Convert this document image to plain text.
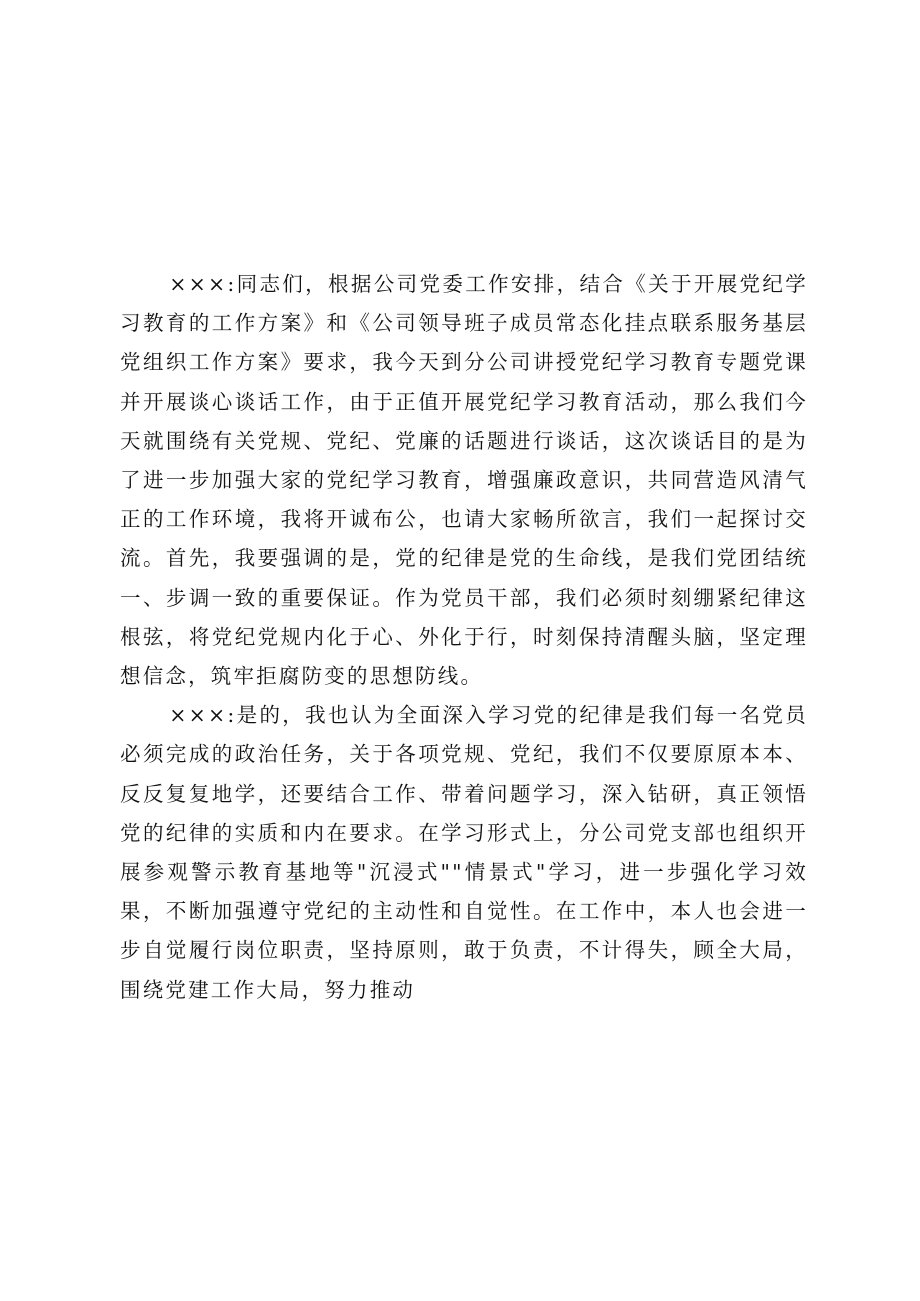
×××:同志们，根据公司党委工作安排，结合《关于开展党纪学习教育的工作方案》和《公司领导班子成员常态化挂点联系服务基层党组织工作方案》要求，我今天到分公司讲授党纪学习教育专题党课并开展谈心谈话工作，由于正值开展党纪学习教育活动，那么我们今天就围绕有关党规、党纪、党廉的话题进行谈话，这次谈话目的是为了进一步加强大家的党纪学习教育，增强廉政意识，共同营造风清气正的工作环境，我将开诚布公，也请大家畅所欲言，我们一起探讨交流。首先，我要强调的是，党的纪律是党的生命线，是我们党团结统一、步调一致的重要保证。作为党员干部，我们必须时刻绷紧纪律这根弦，将党纪党规内化于心、外化于行，时刻保持清醒头脑，坚定理想信念，筑牢拒腐防变的思想防线。

×××:是的，我也认为全面深入学习党的纪律是我们每一名党员必须完成的政治任务，关于各项党规、党纪，我们不仅要原原本本、反反复复地学，还要结合工作、带着问题学习，深入钻研，真正领悟党的纪律的实质和内在要求。在学习形式上，分公司党支部也组织开展参观警示教育基地等"沉浸式""情景式"学习，进一步强化学习效果，不断加强遵守党纪的主动性和自觉性。在工作中，本人也会进一步自觉履行岗位职责，坚持原则，敢于负责，不计得失，顾全大局，围绕党建工作大局，努力推动
